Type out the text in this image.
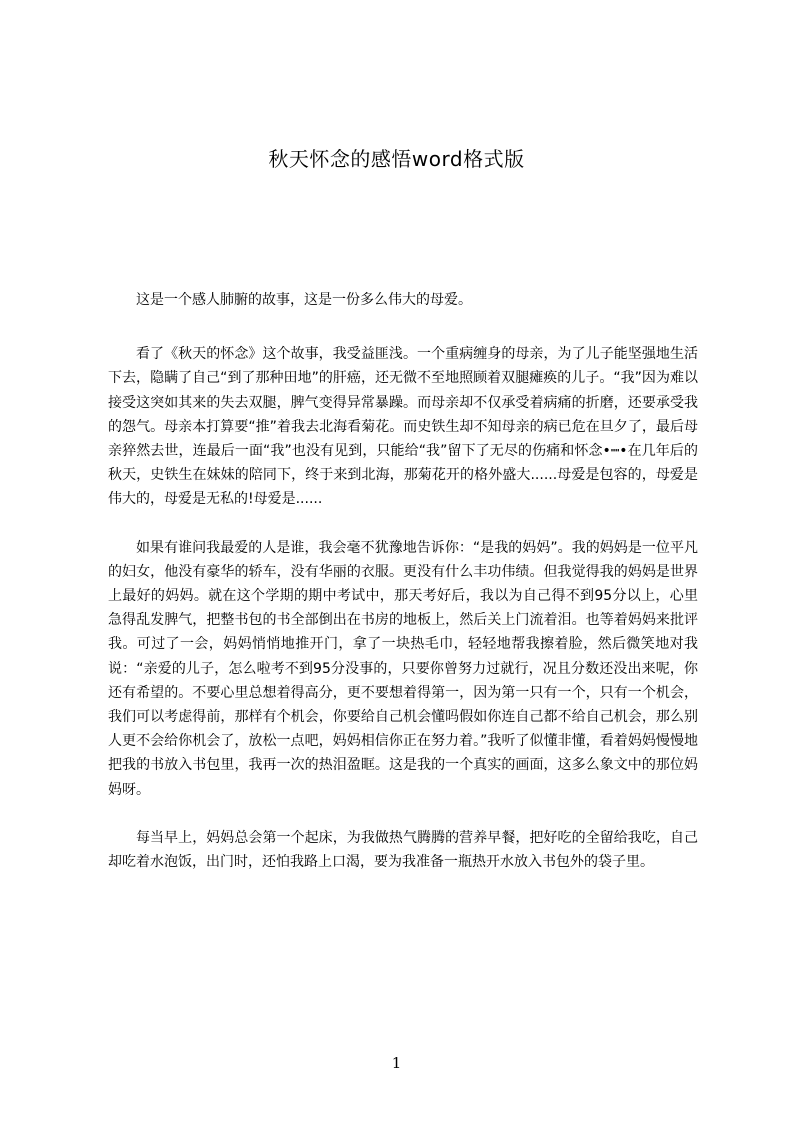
秋天怀念的感悟word格式版

这是一个感人肺腑的故事，这是一份多么伟大的母爱。

看了《秋天的怀念》这个故事，我受益匪浅。一个重病缠身的母亲，为了儿子能坚强地生活下去，隐瞒了自己“到了那种田地”的肝癌，还无微不至地照顾着双腿瘫痪的儿子。“我”因为难以接受这突如其来的失去双腿，脾气变得异常暴躁。而母亲却不仅承受着病痛的折磨，还要承受我的怨气。母亲本打算要“推”着我去北海看菊花。而史铁生却不知母亲的病已危在旦夕了，最后母亲猝然去世，连最后一面“我”也没有见到，只能给“我”留下了无尽的伤痛和怀念•┉•在几年后的秋天，史铁生在妹妹的陪同下，终于来到北海，那菊花开的格外盛大......母爱是包容的，母爱是伟大的，母爱是无私的!母爱是......

如果有谁问我最爱的人是谁，我会毫不犹豫地告诉你：“是我的妈妈”。我的妈妈是一位平凡的妇女，他没有豪华的轿车，没有华丽的衣服。更没有什么丰功伟绩。但我觉得我的妈妈是世界上最好的妈妈。就在这个学期的期中考试中，那天考好后，我以为自己得不到95分以上，心里急得乱发脾气，把整书包的书全部倒出在书房的地板上，然后关上门流着泪。也等着妈妈来批评我。可过了一会，妈妈悄悄地推开门，拿了一块热毛巾，轻轻地帮我擦着脸，然后微笑地对我说：“亲爱的儿子，怎么啦考不到95分没事的，只要你曾努力过就行，况且分数还没出来呢，你还有希望的。不要心里总想着得高分，更不要想着得第一，因为第一只有一个，只有一个机会，我们可以考虑得前，那样有个机会，你要给自己机会懂吗假如你连自己都不给自己机会，那么别人更不会给你机会了，放松一点吧，妈妈相信你正在努力着。”我听了似懂非懂，看着妈妈慢慢地把我的书放入书包里，我再一次的热泪盈眶。这是我的一个真实的画面，这多么象文中的那位妈妈呀。

每当早上，妈妈总会第一个起床，为我做热气腾腾的营养早餐，把好吃的全留给我吃，自己却吃着水泡饭，出门时，还怕我路上口渴，要为我准备一瓶热开水放入书包外的袋子里。

1
